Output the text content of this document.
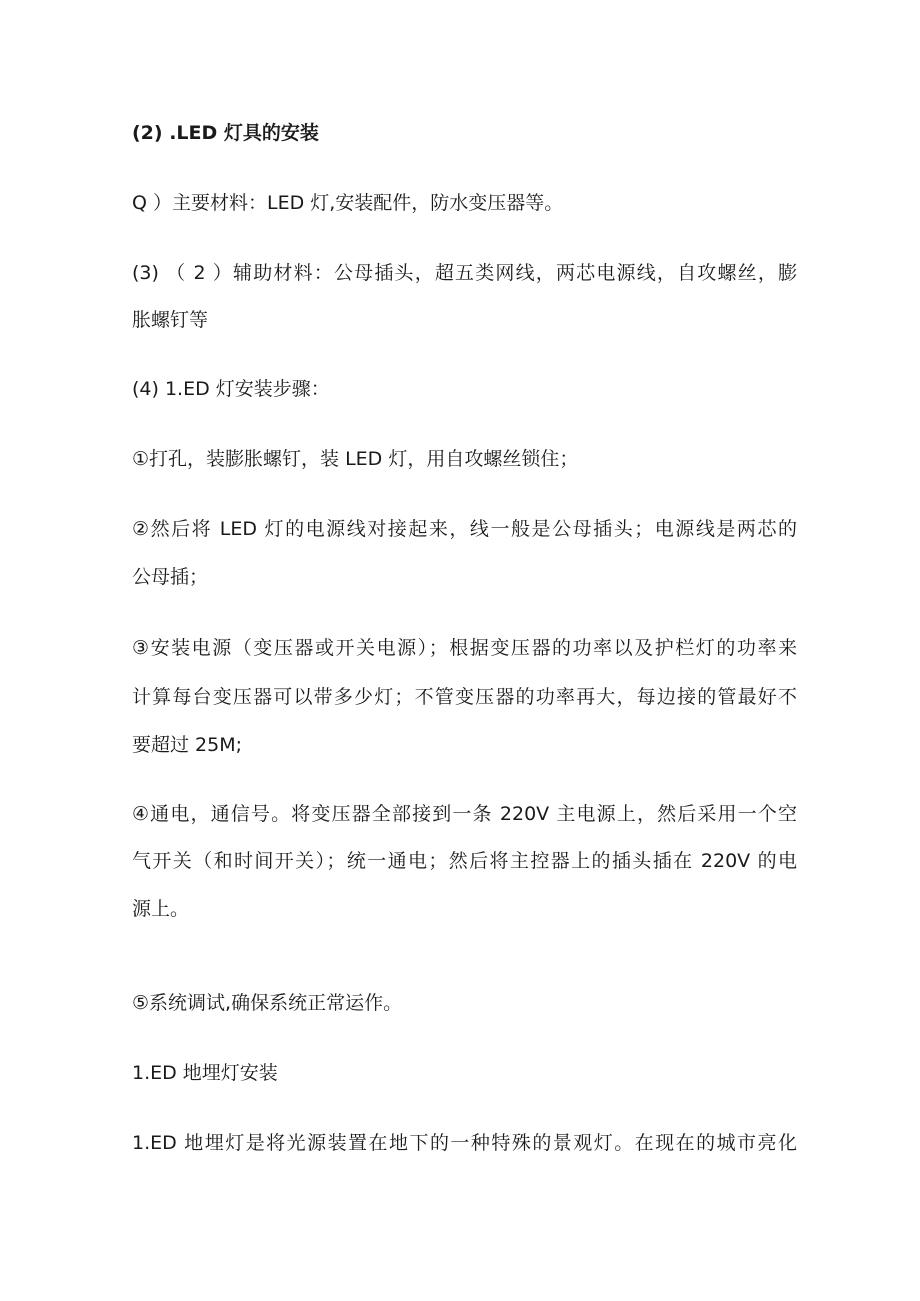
(2) .LED 灯具的安装
Q ）主要材料：LED 灯,安装配件，防水变压器等。
(3) （ 2 ）辅助材料：公母插头，超五类网线，两芯电源线，自攻螺丝，膨
胀螺钉等
(4) 1.ED 灯安装步骤：
①打孔，装膨胀螺钉，装 LED 灯，用自攻螺丝锁住；
②然后将 LED 灯的电源线对接起来，线一般是公母插头；电源线是两芯的
公母插；
③安装电源（变压器或开关电源）；根据变压器的功率以及护栏灯的功率来
计算每台变压器可以带多少灯；不管变压器的功率再大，每边接的管最好不
要超过 25M;
④通电，通信号。将变压器全部接到一条 220V 主电源上，然后采用一个空
气开关（和时间开关）；统一通电；然后将主控器上的插头插在 220V 的电
源上。
⑤系统调试,确保系统正常运作。
1.ED 地埋灯安装
1.ED 地埋灯是将光源装置在地下的一种特殊的景观灯。在现在的城市亮化
